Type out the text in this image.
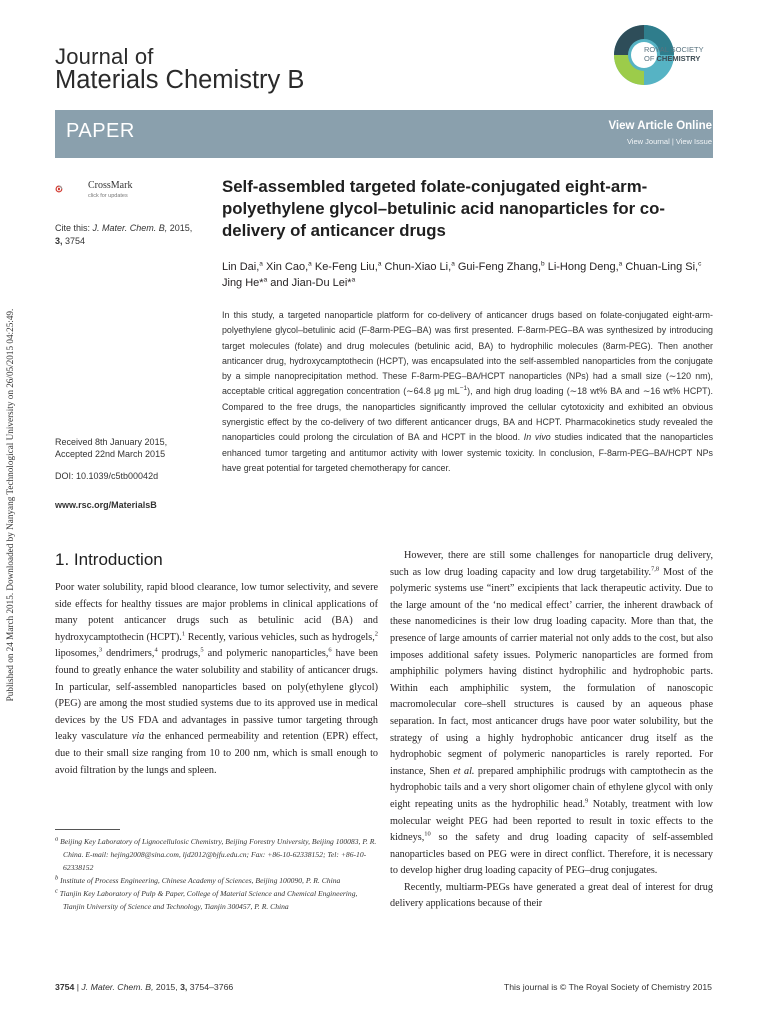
Published on 24 March 2015. Downloaded by Nanyang Technological University on 26/05/2015 04:25:49.
Journal of
Materials Chemistry B
ROYAL SOCIETY
OF CHEMISTRY
PAPER	View Article Online
View Journal | View Issue
CrossMark
click for updates
Cite this: J. Mater. Chem. B, 2015,
3, 3754
Received 8th January 2015,
Accepted 22nd March 2015
DOI: 10.1039/c5tb00042d
www.rsc.org/MaterialsB
Self-assembled targeted folate-conjugated eight-arm-polyethylene glycol–betulinic acid nanoparticles for co-delivery of anticancer drugs
Lin Dai,$^a$ Xin Cao,$^a$ Ke-Feng Liu,$^a$ Chun-Xiao Li,$^a$ Gui-Feng Zhang,$^b$ Li-Hong Deng,$^a$ Chuan-Ling Si,$^c$ Jing He*$^a$ and Jian-Du Lei*$^a$
In this study, a targeted nanoparticle platform for co-delivery of anticancer drugs based on folate-conjugated eight-arm-polyethylene glycol–betulinic acid (F-8arm-PEG–BA) was first presented. F-8arm-PEG–BA was synthesized by introducing target molecules (folate) and drug molecules (betulinic acid, BA) to hydrophilic molecules (8arm-PEG). Then another anticancer drug, hydroxycamptothecin (HCPT), was encapsulated into the self-assembled nanoparticles from the conjugate by a simple nanoprecipitation method. These F-8arm-PEG–BA/HCPT nanoparticles (NPs) had a small size (∼120 nm), acceptable critical aggregation concentration (∼64.8 μg $mL^{-1}$), and high drug loading (∼18 wt% BA and ∼16 wt% HCPT). Compared to the free drugs, the nanoparticles significantly improved the cellular cytotoxicity and exhibited an obvious synergistic effect by the co-delivery of two different anticancer drugs, BA and HCPT. Pharmacokinetics study revealed the nanoparticles could prolong the circulation of BA and HCPT in the blood. In vivo studies indicated that the nanoparticles enhanced tumor targeting and antitumor activity with lower systemic toxicity. In conclusion, F-8arm-PEG–BA/HCPT NPs have great potential for targeted chemotherapy for cancer.
1. Introduction

Poor water solubility, rapid blood clearance, low tumor selectivity, and severe side effects for healthy tissues are major problems in clinical applications of many potent anticancer drugs such as betulinic acid (BA) and hydroxycamptothecin (HCPT).$^1$ Recently, various vehicles, such as hydrogels,$^2$ liposomes,$^3$ dendrimers,$^4$ prodrugs,$^5$ and polymeric nanoparticles,$^6$ have been found to greatly enhance the water solubility and stability of anticancer drugs. In particular, self-assembled nanoparticles based on poly(ethylene glycol) (PEG) are among the most studied systems due to its approved use in medical devices by the US FDA and advantages in passive tumor targeting through leaky vasculature via the enhanced permeability and retention (EPR) effect, due to their small size ranging from 10 to 200 nm, which is small enough to avoid filtration by the lungs and spleen.

$^a$ Beijing Key Laboratory of Lignocellulosic Chemistry, Beijing Forestry University, Beijing 100083, P. R. China. E-mail: hejing2008@sina.com, ljd2012@bjfu.edu.cn; Fax: +86-10-62338152; Tel: +86-10-62338152
$^b$ Institute of Process Engineering, Chinese Academy of Sciences, Beijing 100090, P. R. China
$^c$ Tianjin Key Laboratory of Pulp & Paper, College of Material Science and Chemical Engineering, Tianjin University of Science and Technology, Tianjin 300457, P. R. China

However, there are still some challenges for nanoparticle drug delivery, such as low drug loading capacity and low drug targetability.$^{7,8}$ Most of the polymeric systems use “inert” excipients that lack therapeutic activity. Due to the large amount of the ‘no medical effect’ carrier, the inherent drawback of these nanomedicines is their low drug loading capacity. More than that, the presence of large amounts of carrier material not only adds to the cost, but also imposes additional safety issues. Polymeric nanoparticles are formed from amphiphilic polymers having distinct hydrophilic and hydrophobic parts. Within each amphiphilic system, the formulation of nanoscopic macromolecular core–shell structures is caused by an aqueous phase separation. In fact, most anticancer drugs have poor water solubility, but the strategy of using a highly hydrophobic anticancer drug itself as the hydrophobic segment of polymeric nanoparticles is rarely reported. For instance, Shen et al. prepared amphiphilic prodrugs with camptothecin as the hydrophobic tails and a very short oligomer chain of ethylene glycol with only eight repeating units as the hydrophilic head.$^9$ Notably, treatment with low molecular weight PEG had been reported to result in toxic effects to the kidneys,$^{10}$ so the safety and drug loading capacity of self-assembled nanoparticles based on PEG were in direct conflict. Therefore, it is necessary to develop higher drug loading capacity of PEG–drug conjugates.

Recently, multiarm-PEGs have generated a great deal of interest for drug delivery applications because of their

3754 | J. Mater. Chem. B, 2015, 3, 3754–3766	This journal is © The Royal Society of Chemistry 2015
